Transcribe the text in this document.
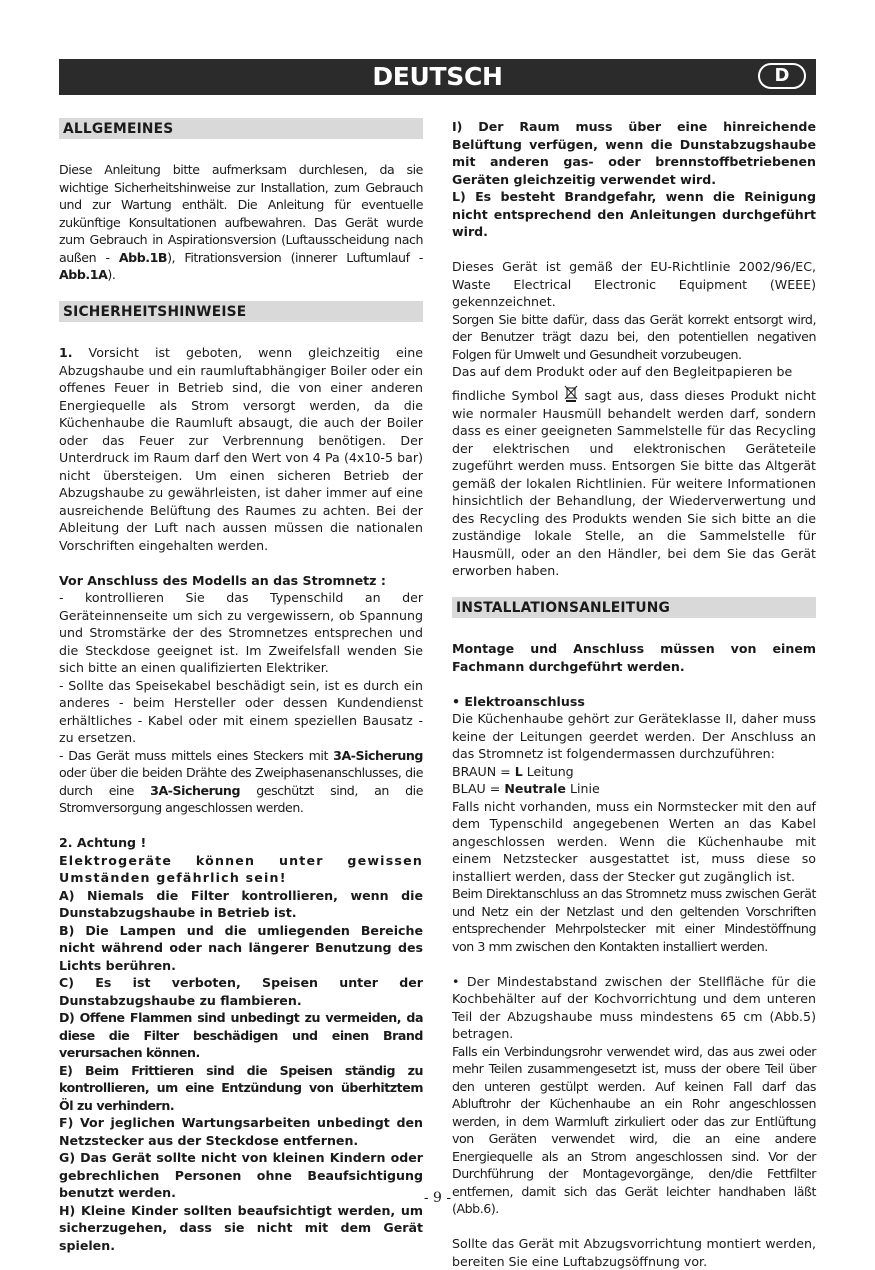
DEUTSCH	D
ALLGEMEINES

Diese Anleitung bitte aufmerksam durchlesen, da sie wichtige Sicherheitshinweise zur Installation, zum Gebrauch und zur Wartung enthält. Die Anleitung für eventuelle zukünftige Konsultationen aufbewahren. Das Gerät wurde zum Gebrauch in Aspirationsversion (Luftausscheidung nach außen - Abb.1B), Fitrationsversion (innerer Luftumlauf - Abb.1A).

SICHERHEITSHINWEISE

1. Vorsicht ist geboten, wenn gleichzeitig eine Abzugshaube und ein raumluftabhängiger Boiler oder ein offenes Feuer in Betrieb sind, die von einer anderen Energiequelle als Strom versorgt werden, da die Küchenhaube die Raumluft absaugt, die auch der Boiler oder das Feuer zur Verbrennung benötigen. Der Unterdruck im Raum darf den Wert von 4 Pa (4x10-5 bar) nicht übersteigen. Um einen sicheren Betrieb der Abzugshaube zu gewährleisten, ist daher immer auf eine ausreichende Belüftung des Raumes zu achten. Bei der Ableitung der Luft nach aussen müssen die nationalen Vorschriften eingehalten werden.

Vor Anschluss des Modells an das Stromnetz :

- kontrollieren Sie das Typenschild an der Geräteinnenseite um sich zu vergewissern, ob Spannung und Stromstärke der des Stromnetzes entsprechen und die Steckdose geeignet ist. Im Zweifelsfall wenden Sie sich bitte an einen qualifizierten Elektriker.

- Sollte das Speisekabel beschädigt sein, ist es durch ein anderes - beim Hersteller oder dessen Kundendienst erhältliches - Kabel oder mit einem speziellen Bausatz - zu ersetzen.

- Das Gerät muss mittels eines Steckers mit 3A-Sicherung oder über die beiden Drähte des Zweiphasenanschlusses, die durch eine 3A-Sicherung geschützt sind, an die Stromversorgung angeschlossen werden.

2. Achtung !

Elektrogeräte können unter gewissen Umständen gefährlich sein!

A) Niemals die Filter kontrollieren, wenn die Dunstabzugshaube in Betrieb ist.

B) Die Lampen und die umliegenden Bereiche nicht während oder nach längerer Benutzung des Lichts berühren.

C) Es ist verboten, Speisen unter der Dunstabzugshaube zu flambieren.

D) Offene Flammen sind unbedingt zu vermeiden, da diese die Filter beschädigen und einen Brand verursachen können.

E) Beim Frittieren sind die Speisen ständig zu kontrollieren, um eine Entzündung von überhitztem Öl zu verhindern.

F) Vor jeglichen Wartungsarbeiten unbedingt den Netzstecker aus der Steckdose entfernen.

G) Das Gerät sollte nicht von kleinen Kindern oder gebrechlichen Personen ohne Beaufsichtigung benutzt werden.

H) Kleine Kinder sollten beaufsichtigt werden, um sicherzugehen, dass sie nicht mit dem Gerät spielen.

I) Der Raum muss über eine hinreichende Belüftung verfügen, wenn die Dunstabzugshaube mit anderen gas- oder brennstoffbetriebenen Geräten gleichzeitig verwendet wird.

L) Es besteht Brandgefahr, wenn die Reinigung nicht entsprechend den Anleitungen durchgeführt wird.

Dieses Gerät ist gemäß der EU-Richtlinie 2002/96/EC, Waste Electrical Electronic Equipment (WEEE) gekennzeichnet.

Sorgen Sie bitte dafür, dass das Gerät korrekt entsorgt wird, der Benutzer trägt dazu bei, den potentiellen negativen Folgen für Umwelt und Gesundheit vorzubeugen.

Das auf dem Produkt oder auf den Begleitpapieren be

findliche Symbol  sagt aus, dass dieses Produkt nicht wie normaler Hausmüll behandelt werden darf, sondern dass es einer geeigneten Sammelstelle für das Recycling der elektrischen und elektronischen Geräteteile zugeführt werden muss. Entsorgen Sie bitte das Altgerät gemäß der lokalen Richtlinien. Für weitere Informationen hinsichtlich der Behandlung, der Wiederverwertung und des Recycling des Produkts wenden Sie sich bitte an die zuständige lokale Stelle, an die Sammelstelle für Hausmüll, oder an den Händler, bei dem Sie das Gerät erworben haben.

INSTALLATIONSANLEITUNG

Montage und Anschluss müssen von einem Fachmann durchgeführt werden.

• Elektroanschluss

Die Küchenhaube gehört zur Geräteklasse II, daher muss keine der Leitungen geerdet werden. Der Anschluss an das Stromnetz ist folgendermassen durchzuführen:

BRAUN = L Leitung

BLAU = Neutrale Linie

Falls nicht vorhanden, muss ein Normstecker mit den auf dem Typenschild angegebenen Werten an das Kabel angeschlossen werden. Wenn die Küchenhaube mit einem Netzstecker ausgestattet ist, muss diese so installiert werden, dass der Stecker gut zugänglich ist.

Beim Direktanschluss an das Stromnetz muss zwischen Gerät und Netz ein der Netzlast und den geltenden Vorschriften entsprechender Mehrpolstecker mit einer Mindestöffnung von 3 mm zwischen den Kontakten installiert werden.

• Der Mindestabstand zwischen der Stellfläche für die Kochbehälter auf der Kochvorrichtung und dem unteren Teil der Abzugshaube muss mindestens 65 cm (Abb.5) betragen.

Falls ein Verbindungsrohr verwendet wird, das aus zwei oder mehr Teilen zusammengesetzt ist, muss der obere Teil über den unteren gestülpt werden. Auf keinen Fall darf das Abluftrohr der Küchenhaube an ein Rohr angeschlossen werden, in dem Warmluft zirkuliert oder das zur Entlüftung von Geräten verwendet wird, die an eine andere Energiequelle als an Strom angeschlossen sind. Vor der Durchführung der Montagevorgänge, den/die Fettfilter entfernen, damit sich das Gerät leichter handhaben läßt (Abb.6).

Sollte das Gerät mit Abzugsvorrichtung montiert werden, bereiten Sie eine Luftabzugsöffnung vor.

- 9 -
